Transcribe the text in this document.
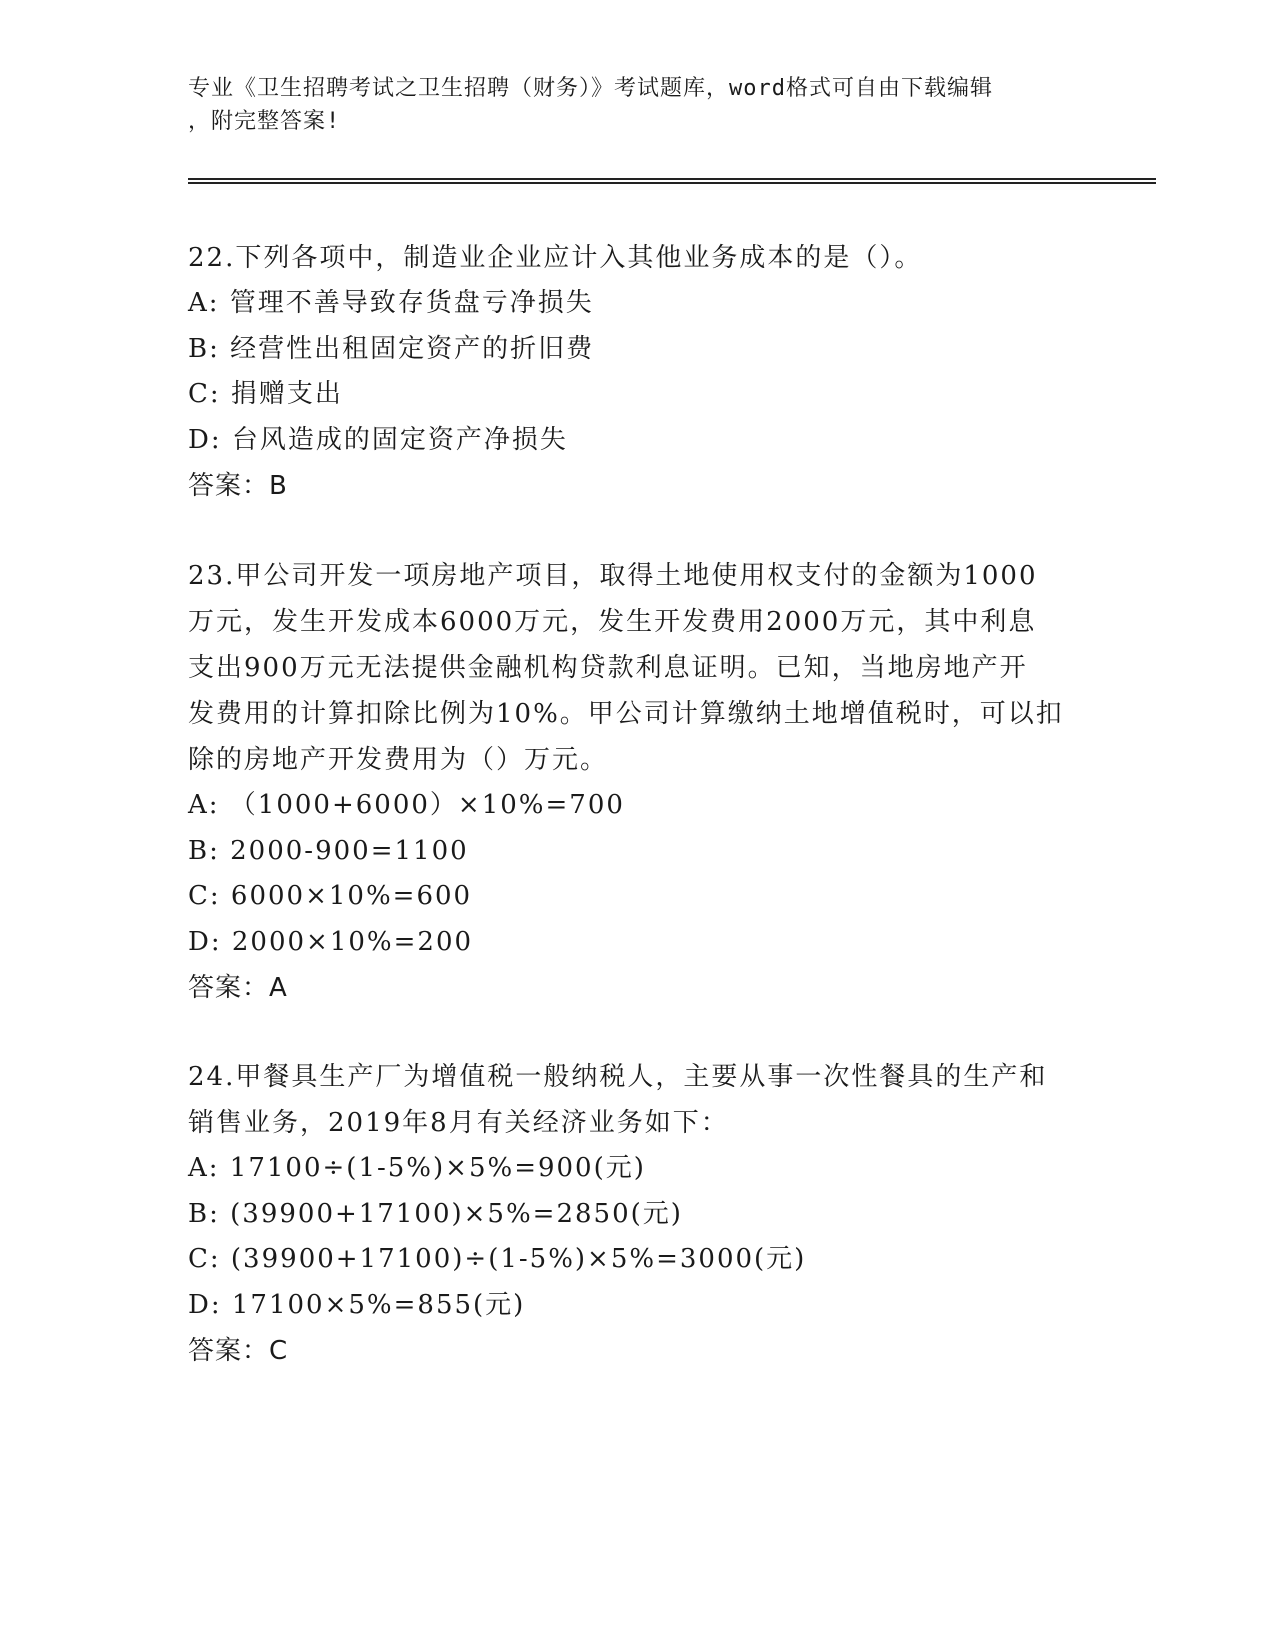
专业《卫生招聘考试之卫生招聘（财务）》考试题库，word格式可自由下载编辑
，附完整答案!

22.下列各项中，制造业企业应计入其他业务成本的是（）。

A: 管理不善导致存货盘亏净损失

B: 经营性出租固定资产的折旧费

C: 捐赠支出

D: 台风造成的固定资产净损失

答案：B

23.甲公司开发一项房地产项目，取得土地使用权支付的金额为1000

万元，发生开发成本6000万元，发生开发费用2000万元，其中利息

支出900万元无法提供金融机构贷款利息证明。已知，当地房地产开

发费用的计算扣除比例为10%。甲公司计算缴纳土地增值税时，可以扣

除的房地产开发费用为（）万元。

A: （1000+6000）×10%=700

B: 2000-900=1100

C: 6000×10%=600

D: 2000×10%=200

答案：A

24.甲餐具生产厂为增值税一般纳税人，主要从事一次性餐具的生产和

销售业务，2019年8月有关经济业务如下：

A: 17100÷(1-5%)×5%=900(元)

B: (39900+17100)×5%=2850(元)

C: (39900+17100)÷(1-5%)×5%=3000(元)

D: 17100×5%=855(元)

答案：C
